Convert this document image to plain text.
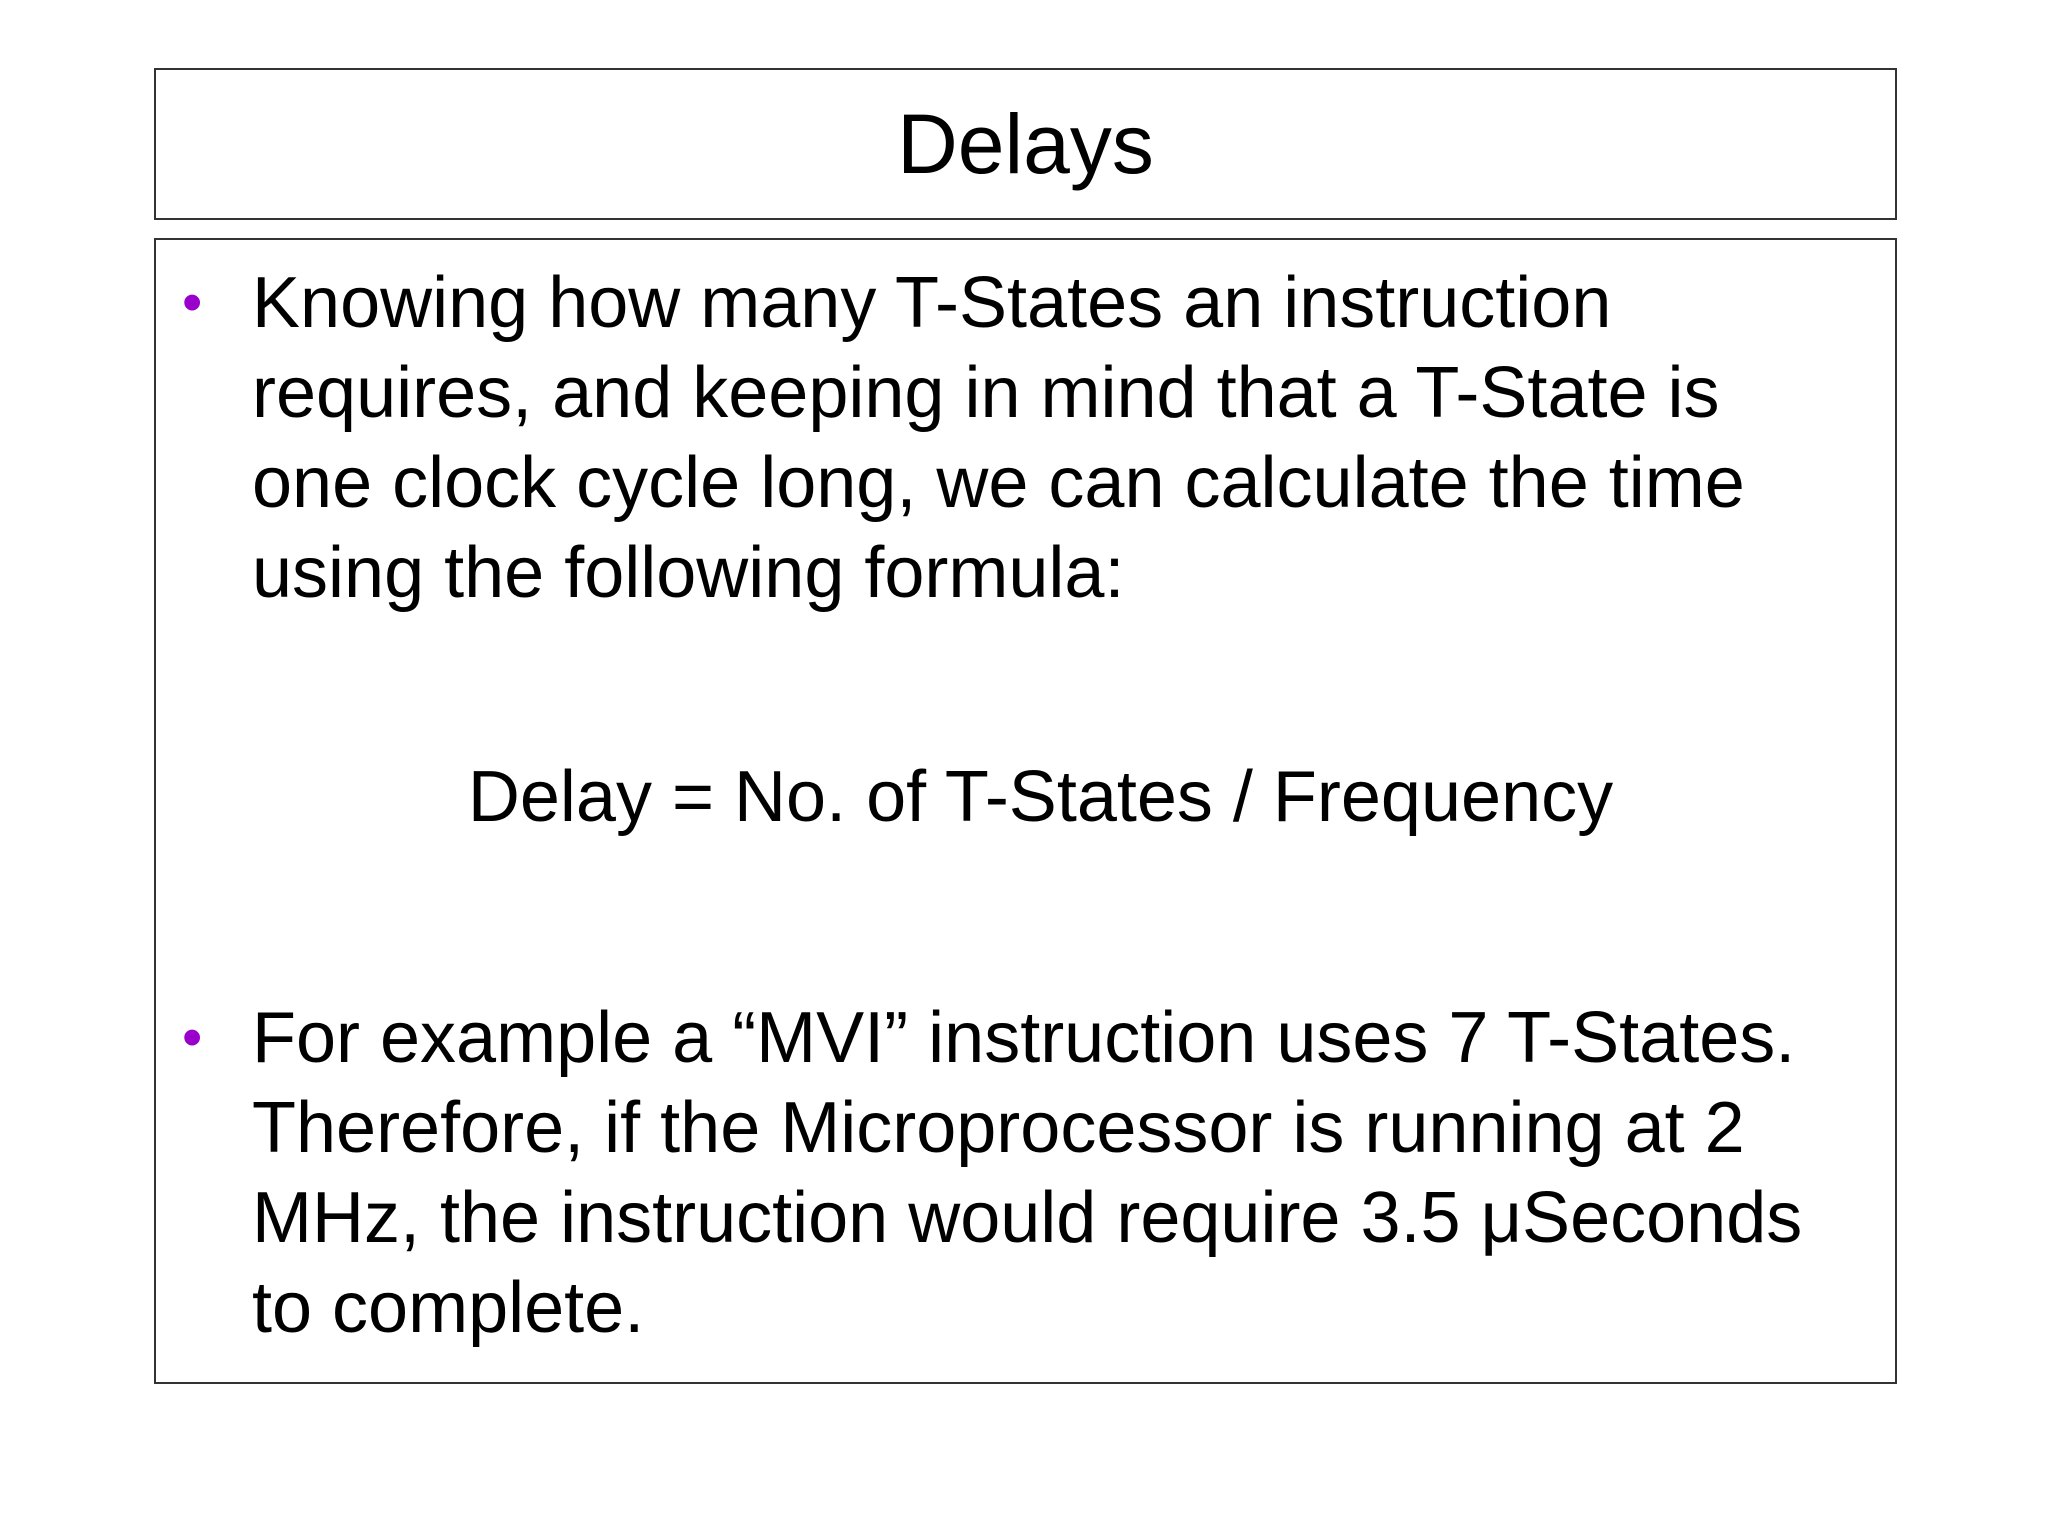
Delays
• Knowing how many T-States an instruction requires, and keeping in mind that a T-State is one clock cycle long, we can calculate the time using the following formula:

Delay = No. of T-States / Frequency
• For example a “MVI” instruction uses 7 T-States. Therefore, if the Microprocessor is running at 2 MHz, the instruction would require 3.5 μSeconds to complete.
